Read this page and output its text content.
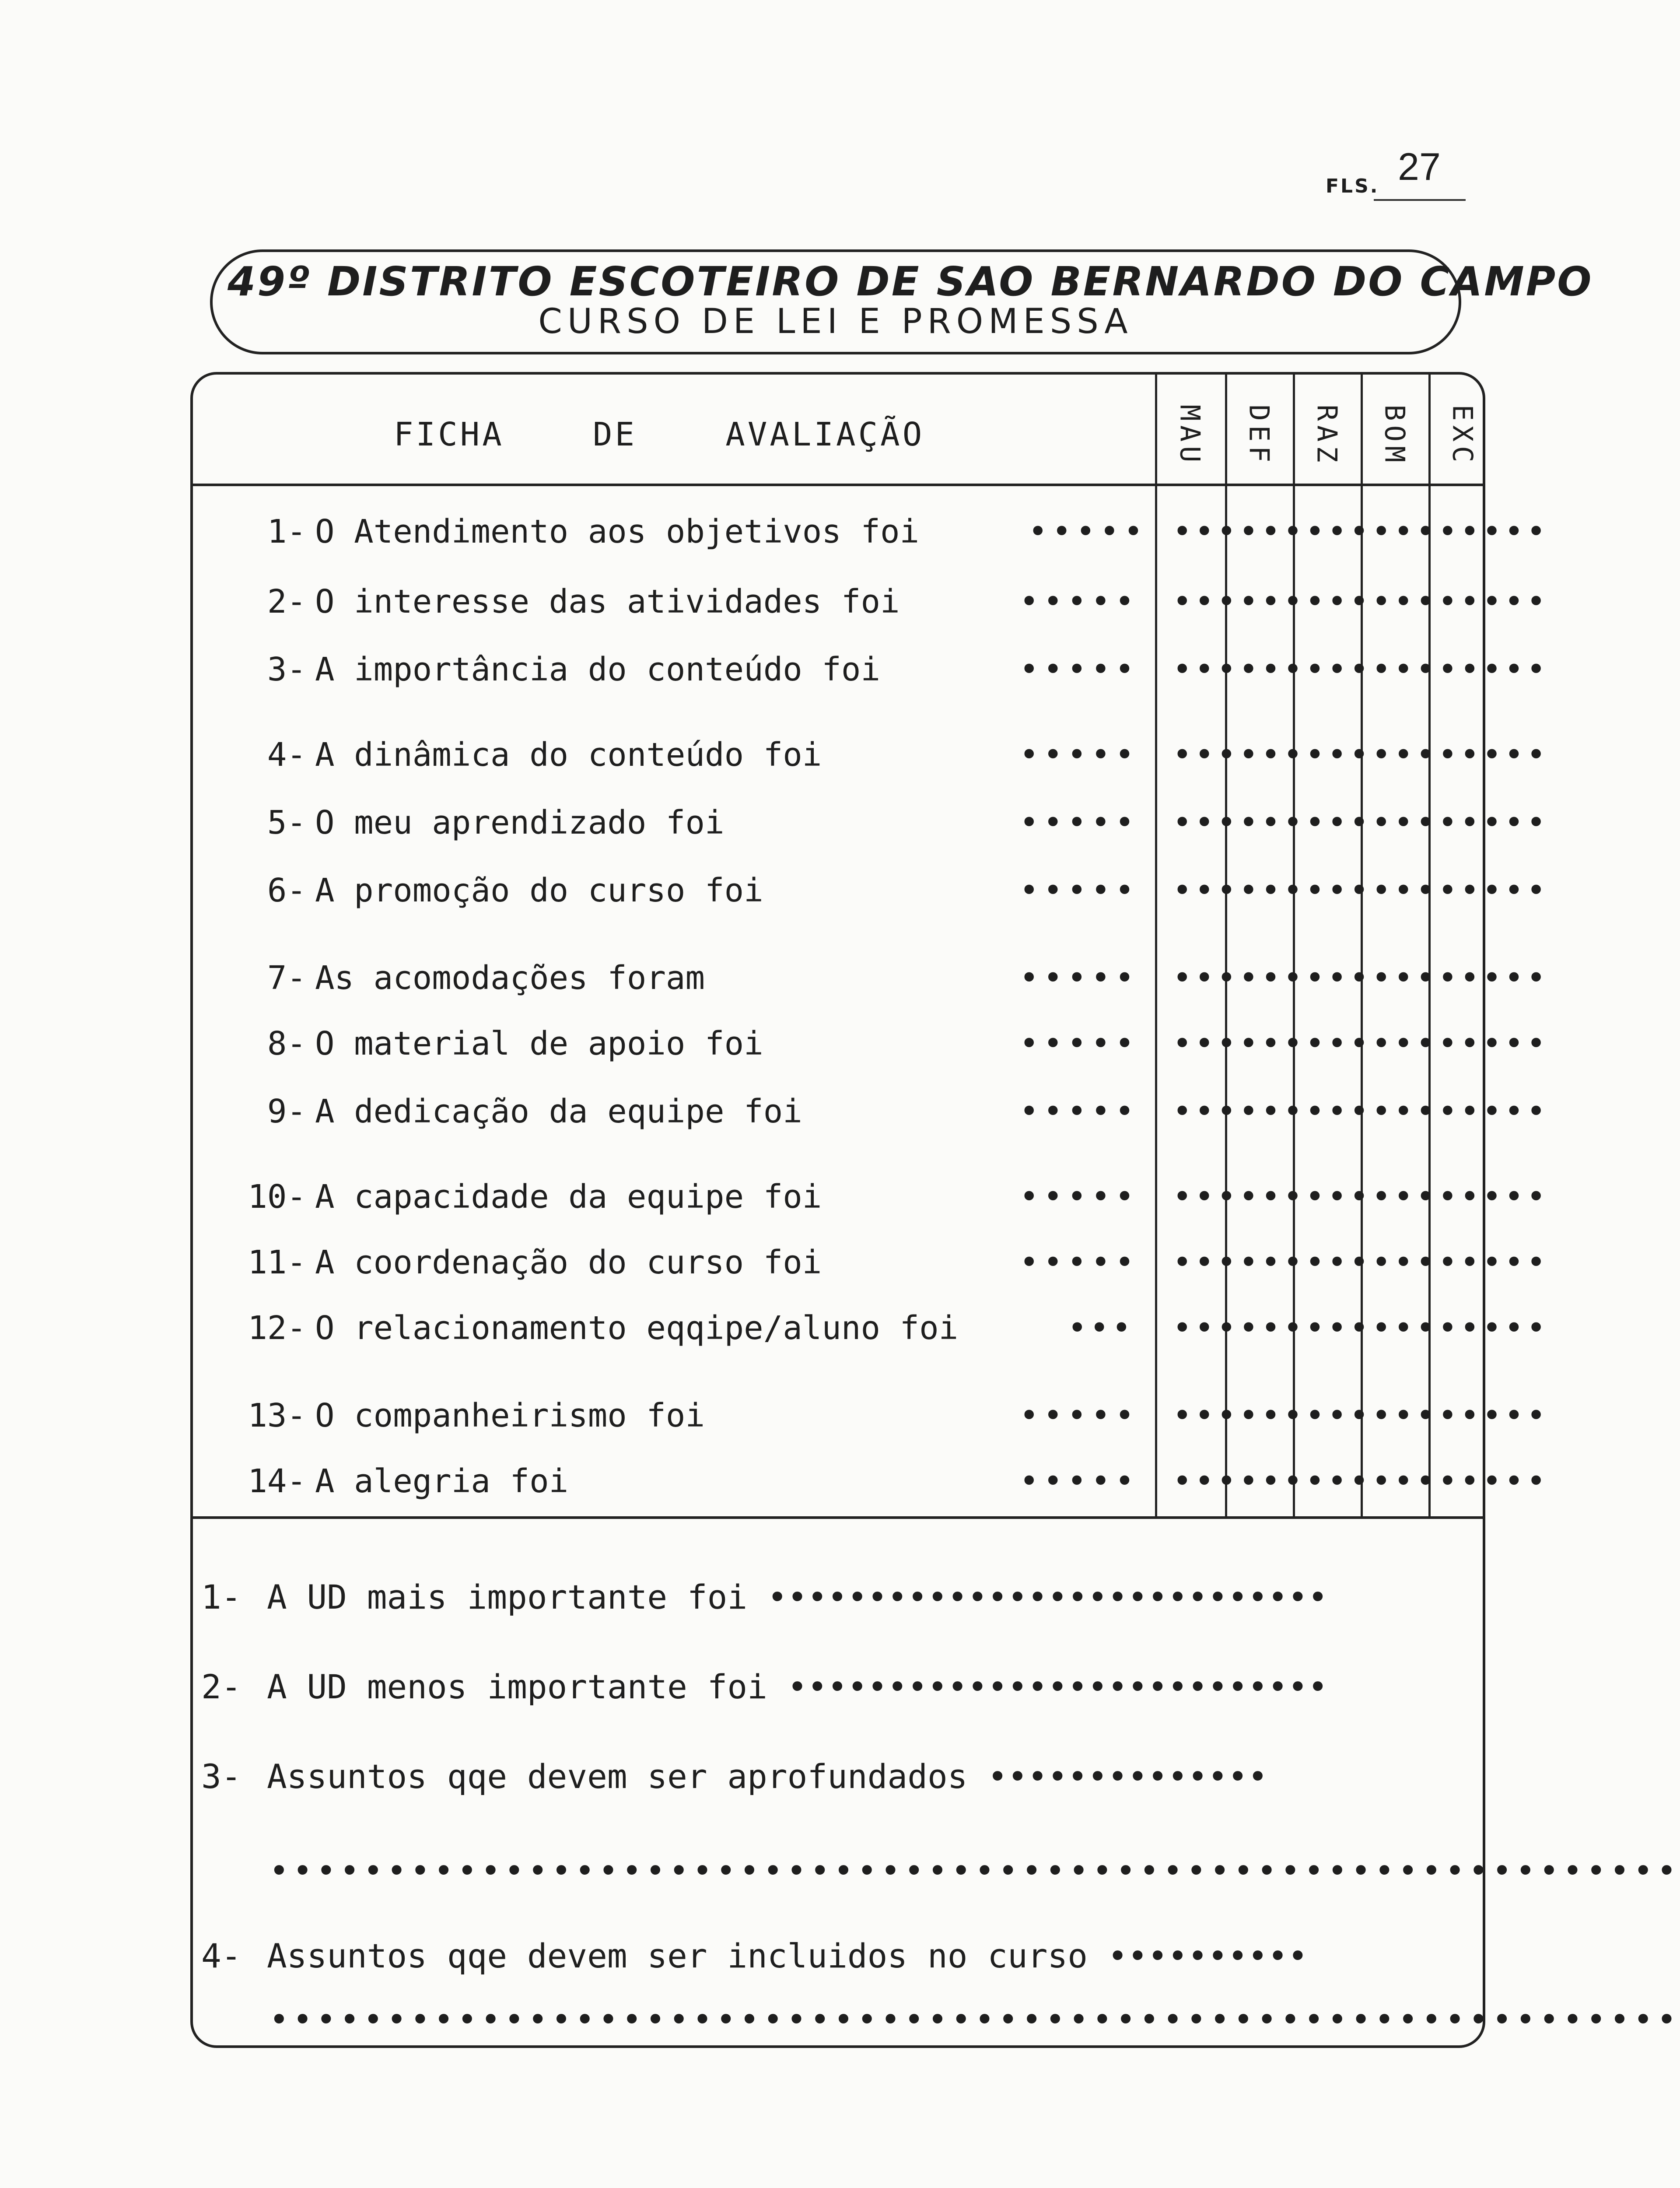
FLS. 27
49º DISTRITO ESCOTEIRO DE SAO BERNARDO DO CAMPO
CURSO DE LEI E PROMESSA
FICHA    DE    AVALIAÇÃO	MAU DEF RAZ BOM EXC
1- O Atendimento aos objetivos foi	••••• •••••••••••••••••
2- O interesse das atividades foi	••••• •••••••••••••••••
3- A importância do conteúdo foi	••••• •••••••••••••••••
4- A dinâmica do conteúdo foi	••••• •••••••••••••••••
5- O meu aprendizado foi	••••• •••••••••••••••••
6- A promoção do curso foi	••••• •••••••••••••••••
7- As acomodações foram	••••• •••••••••••••••••
8- O material de apoio foi	••••• •••••••••••••••••
9- A dedicação da equipe foi	••••• •••••••••••••••••
10- A capacidade da equipe foi	••••• •••••••••••••••••
11- A coordenação do curso foi	••••• •••••••••••••••••
12- O relacionamento eqqipe/aluno foi	••• •••••••••••••••••
13- O companheirismo foi	••••• •••••••••••••••••
14- A alegria foi	••••• •••••••••••••••••
1- A UD mais importante foi ••••••••••••••••••••••••••••
2- A UD menos importante foi •••••••••••••••••••••••••••
3- Assuntos qqe devem ser aprofundados ••••••••••••••
••••••••••••••••••••••••••••••••••••••••••••••••••••••••••••
4- Assuntos qqe devem ser incluidos no curso ••••••••••
••••••••••••••••••••••••••••••••••••••••••••••••••••••••••••
